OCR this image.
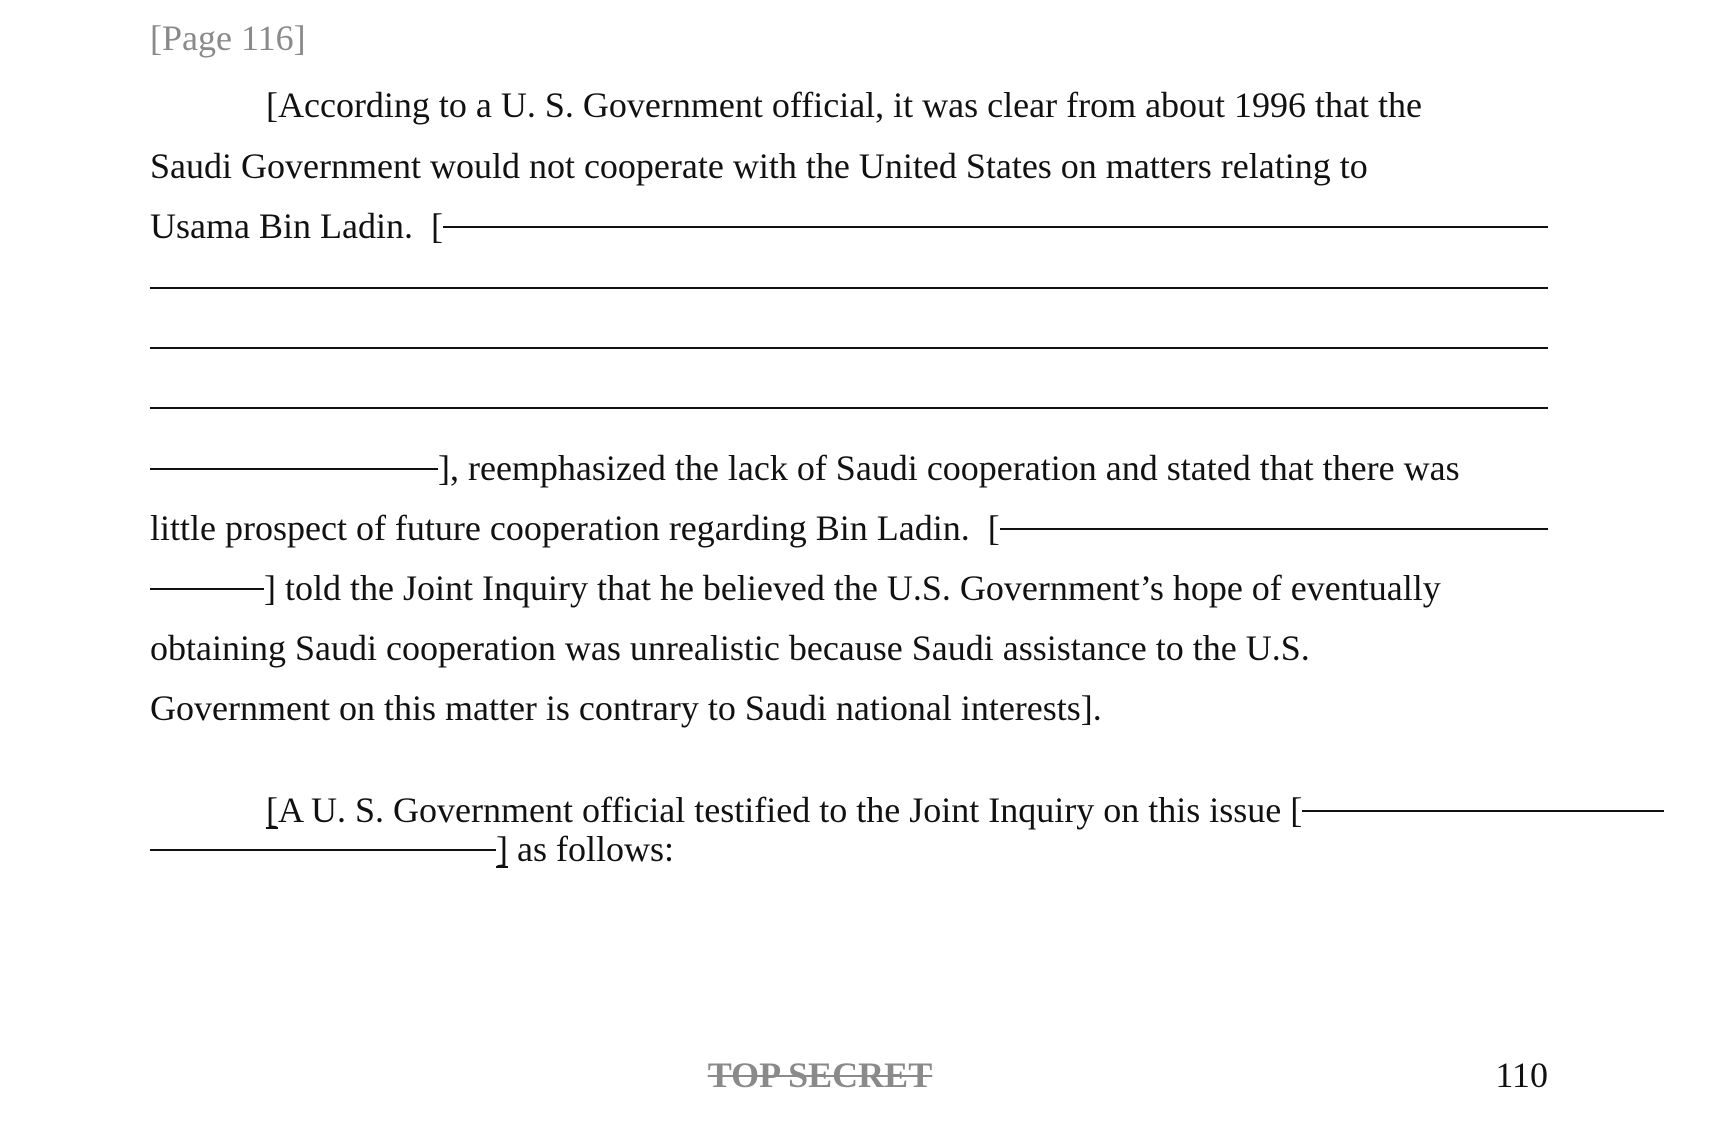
[Page 116]
[According to a U. S. Government official, it was clear from about 1996 that the
Saudi Government would not cooperate with the United States on matters relating to
Usama Bin Ladin.  [
], reemphasized the lack of Saudi cooperation and stated that there was
little prospect of future cooperation regarding Bin Ladin.  [
] told the Joint Inquiry that he believed the U.S. Government’s hope of eventually
obtaining Saudi cooperation was unrealistic because Saudi assistance to the U.S.
Government on this matter is contrary to Saudi national interests].
[ A U. S. Government official testified to the Joint Inquiry on this issue [
] as follows:
TOP SECRET	110
